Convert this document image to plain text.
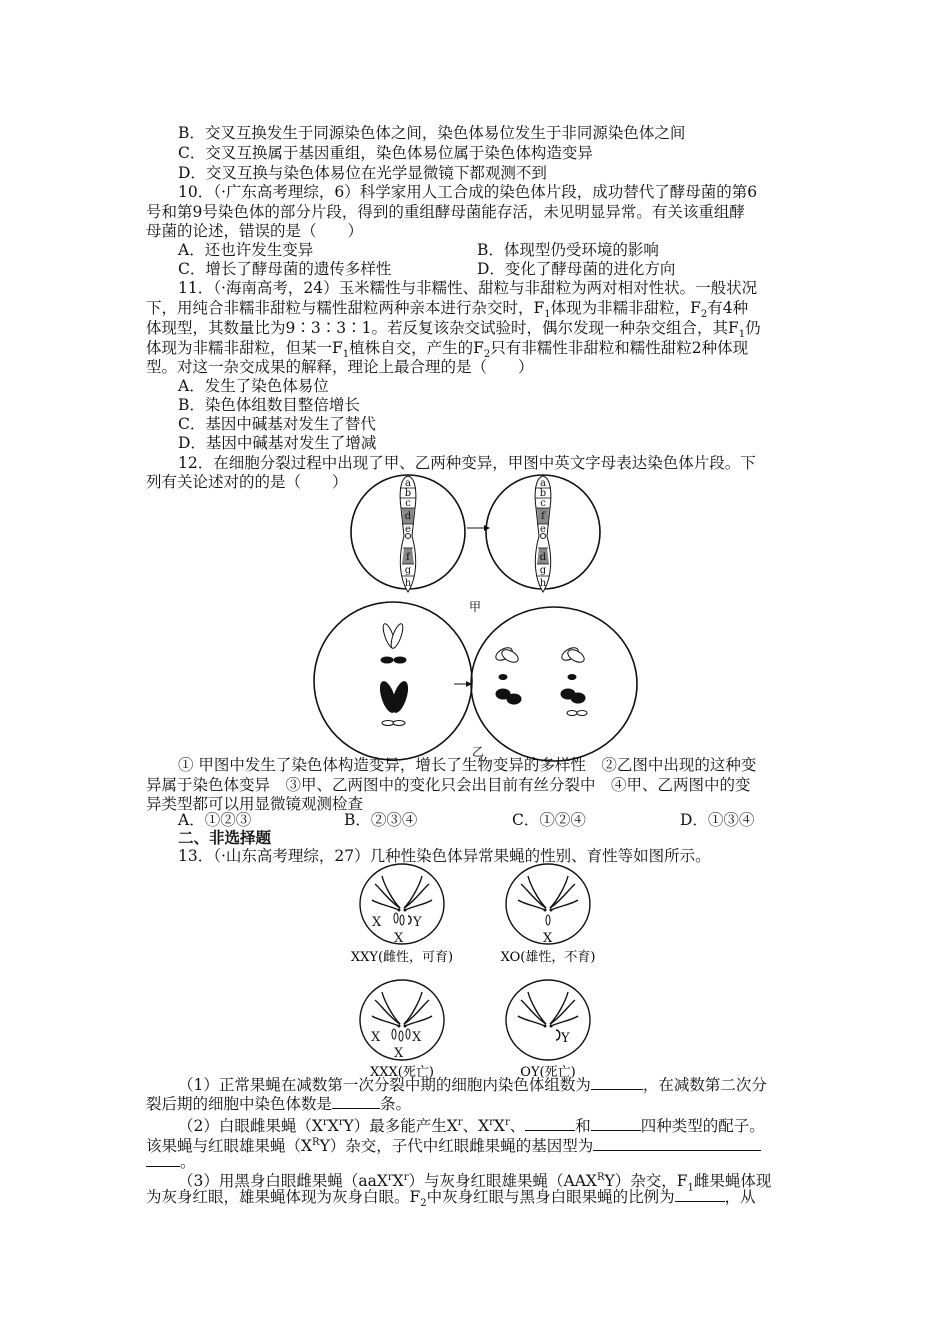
B．交叉互换发生于同源染色体之间，染色体易位发生于非同源染色体之间
C．交叉互换属于基因重组，染色体易位属于染色体构造变异
D．交叉互换与染色体易位在光学显微镜下都观测不到
10．（·广东高考理综，6）科学家用人工合成的染色体片段，成功替代了酵母菌的第6
号和第9号染色体的部分片段，得到的重组酵母菌能存活，未见明显异常。有关该重组酵
母菌的论述，错误的是（　　）
A．还也许发生变异	B．体现型仍受环境的影响
C．增长了酵母菌的遗传多样性	D．变化了酵母菌的进化方向
11．（·海南高考，24）玉米糯性与非糯性、甜粒与非甜粒为两对相对性状。一般状况
下，用纯合非糯非甜粒与糯性甜粒两种亲本进行杂交时，$F_1$体现为非糯非甜粒，$F_2$有4种
体现型，其数量比为9∶3∶3∶1。若反复该杂交试验时，偶尔发现一种杂交组合，其$F_1$仍
体现为非糯非甜粒，但某一$F_1$植株自交，产生的$F_2$只有非糯性非甜粒和糯性甜粒2种体现
型。对这一杂交成果的解释，理论上最合理的是（　　）
A．发生了染色体易位
B．染色体组数目整倍增长
C．基因中碱基对发生了替代
D．基因中碱基对发生了增减
12．在细胞分裂过程中出现了甲、乙两种变异，甲图中英文字母表达染色体片段。下
列有关论述对的的是（　　）	a
b
c
d
e
f
g
h
a
b
c
f
e
d
g
h
甲
乙
① 甲图中发生了染色体构造变异，增长了生物变异的多样性　②乙图中出现的这种变
异属于染色体变异　③甲、乙两图中的变化只会出目前有丝分裂中　④甲、乙两图中的变
异类型都可以用显微镜观测检查
A．①②③	B．②③④	C．①②④	D．①③④
二、非选择题
13．（·山东高考理综，27）几种性染色体异常果蝇的性别、育性等如图所示。
X Y
X
XXY(雌性，可育)
X
XO(雄性，不育)
X X
X
XXX(死亡)
Y
OY(死亡)
（1）正常果蝇在减数第一次分裂中期的细胞内染色体组数为	，在减数第二次分
裂后期的细胞中染色体数是	条。
（2）白眼雌果蝇$(X^rX^rY)$最多能产生$X^r$、$X^rX^r$、	和	四种类型的配子。
该果蝇与红眼雄果蝇$(X^RY)$杂交，子代中红眼雌果蝇的基因型为
。
（3）用黑身白眼雌果蝇$(aaX^rX^r)$与灰身红眼雄果蝇$(AAX^RY)$杂交，$F_1$雌果蝇体现
为灰身红眼，雄果蝇体现为灰身白眼。$F_2$中灰身红眼与黑身白眼果蝇的比例为	，从
